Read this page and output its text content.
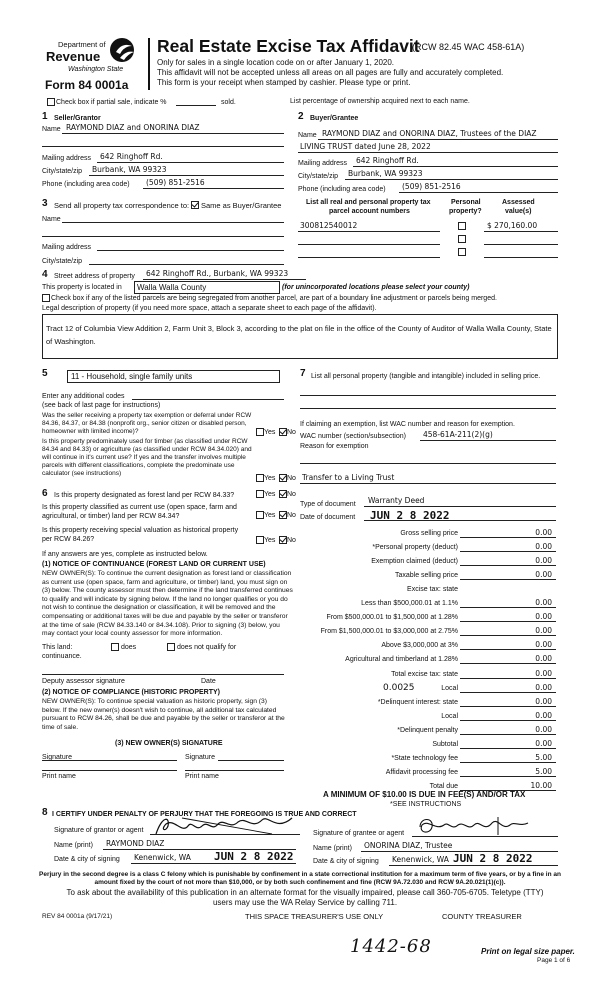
Department of
Revenue
Washington State
Form 84 0001a
Real Estate Excise Tax Affidavit
(RCW 82.45 WAC 458-61A)
Only for sales in a single location code on or after January 1, 2020.
This affidavit will not be accepted unless all areas on all pages are fully and accurately completed.
This form is your receipt when stamped by cashier. Please type or print.
Check box if partial sale, indicate %	sold.	List percentage of ownership acquired next to each name.
1 Seller/Grantor
Name RAYMOND DIAZ and ONORINA DIAZ
Mailing address 642 Ringhoff Rd.
City/state/zip Burbank, WA 99323
Phone (including area code) (509) 851-2516
2 Buyer/Grantee
Name RAYMOND DIAZ and ONORINA DIAZ, Trustees of the DIAZ
LIVING TRUST dated June 28, 2022
Mailing address 642 Ringhoff Rd.
City/state/zip Burbank, WA 99323
Phone (including area code) (509) 851-2516
3 Send all property tax correspondence to: Same as Buyer/Grantee
Name
Mailing address
City/state/zip
List all real and personal property tax
parcel account numbers
Personal
property?
Assessed
value(s)
300812540012	$ 270,160.00
4 Street address of property 642 Ringhoff Rd., Burbank, WA 99323
This property is located in Walla Walla County	(for unincorporated locations please select your county)
Check box if any of the listed parcels are being segregated from another parcel, are part of a boundary line adjustment or parcels being merged.
Legal description of property (if you need more space, attach a separate sheet to each page of the affidavit).
Tract 12 of Columbia View Addition 2, Farm Unit 3, Block 3, according to the plat on file in the office of the County of Auditor of Walla Walla County, State of Washington.
5	11 - Household, single family units
Enter any additional codes
(see back of last page for instructions)
Was the seller receiving a property tax exemption or deferral under RCW 84.36, 84.37, or 84.38 (nonprofit org., senior citizen or disabled person, homeowner with limited income)?	Yes No
Is this property predominately used for timber (as classified under RCW 84.34 and 84.33) or agriculture (as classified under RCW 84.34.020) and will continue in it's current use? If yes and the transfer involves multiple parcels with different classifications, complete the predominate use calculator (see instructions)
Yes No
6 Is this property designated as forest land per RCW 84.33?	Yes No
Is this property classified as current use (open space, farm and agricultural, or timber) land per RCW 84.34?	Yes No
Is this property receiving special valuation as historical property per RCW 84.26?	Yes No
If any answers are yes, complete as instructed below.
(1) NOTICE OF CONTINUANCE (FOREST LAND OR CURRENT USE)
NEW OWNER(S): To continue the current designation as forest land or classification as current use (open space, farm and agriculture, or timber) land, you must sign on (3) below. The county assessor must then determine if the land transferred continues to qualify and will indicate by signing below. If the land no longer qualifies or you do not wish to continue the designation or classification, it will be removed and the compensating or additional taxes will be due and payable by the seller or transferor at the time of sale (RCW 84.33.140 or 84.34.108). Prior to signing (3) below, you may contact your local county assessor for more information.
This land:	does	does not qualify for
continuance.
Deputy assessor signature	Date
(2) NOTICE OF COMPLIANCE (HISTORIC PROPERTY)
NEW OWNER(S): To continue special valuation as historic property, sign (3) below. If the new owner(s) doesn't wish to continue, all additional tax calculated pursuant to RCW 84.26, shall be due and payable by the seller or transferor at the time of sale.
(3) NEW OWNER(S) SIGNATURE
Signature	Signature
Print name	Print name
7 List all personal property (tangible and intangible) included in selling price.
If claiming an exemption, list WAC number and reason for exemption.
WAC number (section/subsection) 458-61A-211(2)(g)
Reason for exemption
Transfer to a Living Trust
Type of document Warranty Deed
Date of document JUN 2 8 2022
Gross selling price	0.00
*Personal property (deduct)	0.00
Exemption claimed (deduct)	0.00
Taxable selling price	0.00
Excise tax: state
Less than $500,000.01 at 1.1%	0.00
From $500,000.01 to $1,500,000 at 1.28%	0.00
From $1,500,000.01 to $3,000,000 at 2.75%	0.00
Above $3,000,000 at 3%	0.00
Agricultural and timberland at 1.28%	0.00
Total excise tax: state	0.00
Local	0.00
*Delinquent interest: state	0.00
Local	0.00
*Delinquent penalty	0.00
Subtotal	0.00
*State technology fee	5.00
Affidavit processing fee	5.00
Total due	10.00
0.0025
A MINIMUM OF $10.00 IS DUE IN FEE(S) AND/OR TAX
*SEE INSTRUCTIONS
8 I CERTIFY UNDER PENALTY OF PERJURY THAT THE FOREGOING IS TRUE AND CORRECT
Signature of grantor or agent
Name (print) RAYMOND DIAZ
Date & city of signing Kenenwick, WA JUN 2 8 2022
Signature of grantee or agent
Name (print) ONORINA DIAZ, Trustee
Date & city of signing Kenenwick, WA JUN 2 8 2022
Perjury in the second degree is a class C felony which is punishable by confinement in a state correctional institution for a maximum term of five years, or by a fine in an amount fixed by the court of not more than $10,000, or by both such confinement and fine (RCW 9A.72.030 and RCW 9A.20.021(1)(c)).
To ask about the availability of this publication in an alternate format for the visually impaired, please call 360-705-6705. Teletype (TTY) users may use the WA Relay Service by calling 711.
REV 84 0001a (9/17/21)	THIS SPACE TREASURER'S USE ONLY	COUNTY TREASURER
1442-68	Print on legal size paper.
Page 1 of 6
